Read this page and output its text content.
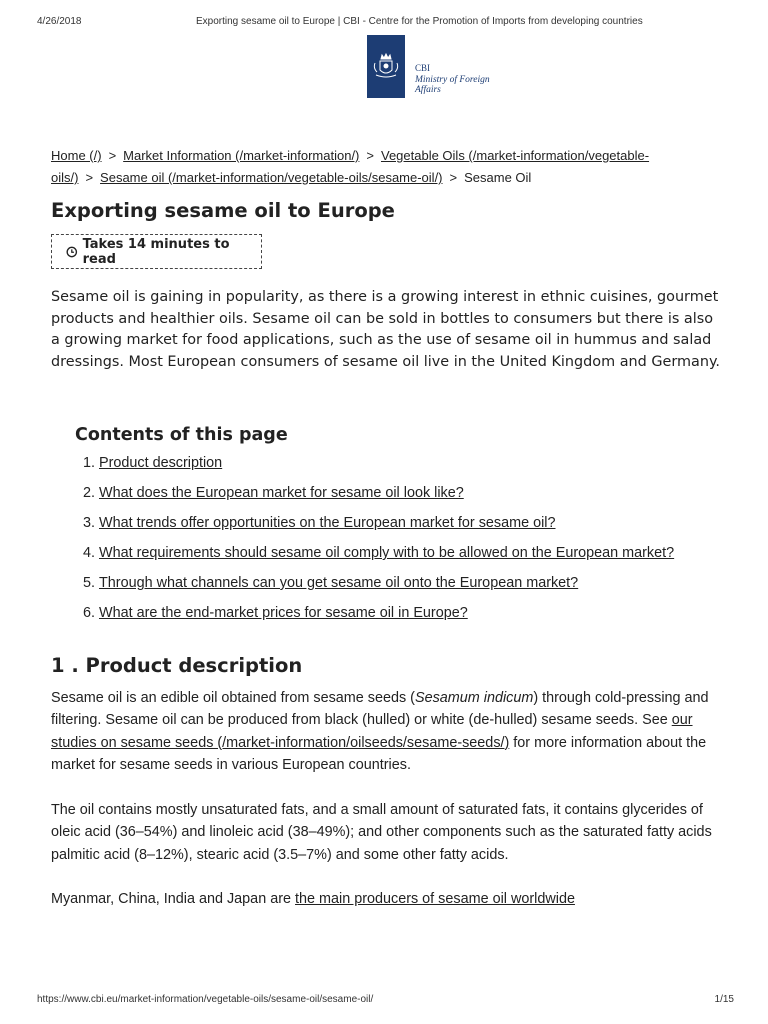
4/26/2018	Exporting sesame oil to Europe | CBI - Centre for the Promotion of Imports from developing countries
CBI
Ministry of Foreign Affairs
Home (/) > Market Information (/market-information/) > Vegetable Oils (/market-information/vegetable-oils/) > Sesame oil (/market-information/vegetable-oils/sesame-oil/) > Sesame Oil
Exporting sesame oil to Europe
Takes 14 minutes to read

Sesame oil is gaining in popularity, as there is a growing interest in ethnic cuisines, gourmet products and healthier oils. Sesame oil can be sold in bottles to consumers but there is also a growing market for food applications, such as the use of sesame oil in hummus and salad dressings. Most European consumers of sesame oil live in the United Kingdom and Germany.

Contents of this page
1. Product description
2. What does the European market for sesame oil look like?
3. What trends offer opportunities on the European market for sesame oil?
4. What requirements should sesame oil comply with to be allowed on the European market?
5. Through what channels can you get sesame oil onto the European market?
6. What are the end-market prices for sesame oil in Europe?
1 . Product description

Sesame oil is an edible oil obtained from sesame seeds (Sesamum indicum) through cold-pressing and filtering. Sesame oil can be produced from black (hulled) or white (de-hulled) sesame seeds. See our studies on sesame seeds (/market-information/oilseeds/sesame-seeds/) for more information about the market for sesame seeds in various European countries.

The oil contains mostly unsaturated fats, and a small amount of saturated fats, it contains glycerides of oleic acid (36–54%) and linoleic acid (38–49%); and other components such as the saturated fatty acids palmitic acid (8–12%), stearic acid (3.5–7%) and some other fatty acids.

Myanmar, China, India and Japan are the main producers of sesame oil worldwide

https://www.cbi.eu/market-information/vegetable-oils/sesame-oil/sesame-oil/	1/15
